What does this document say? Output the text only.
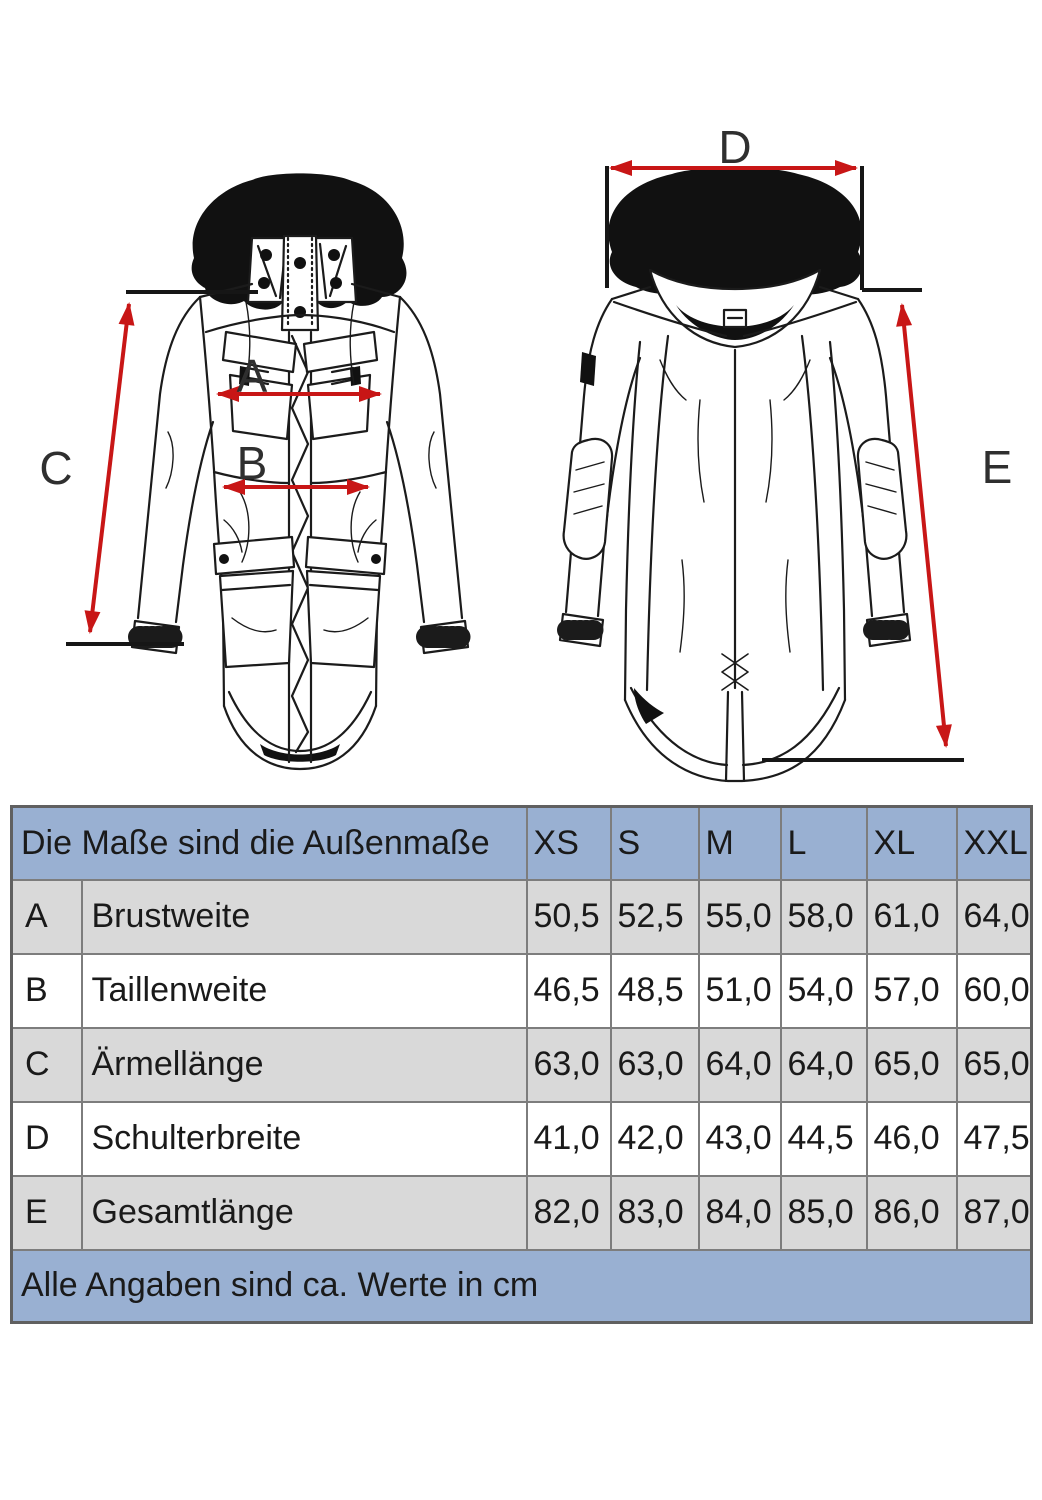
A
B
C
D
E
Die Maße sind die Außenmaße		XS	S	M	L	XL	XXL
A	Brustweite	50,5	52,5	55,0	58,0	61,0	64,0
B	Taillenweite	46,5	48,5	51,0	54,0	57,0	60,0
C	Ärmellänge	63,0	63,0	64,0	64,0	65,0	65,0
D	Schulterbreite	41,0	42,0	43,0	44,5	46,0	47,5
E	Gesamtlänge	82,0	83,0	84,0	85,0	86,0	87,0
Alle Angaben sind ca. Werte in cm							
